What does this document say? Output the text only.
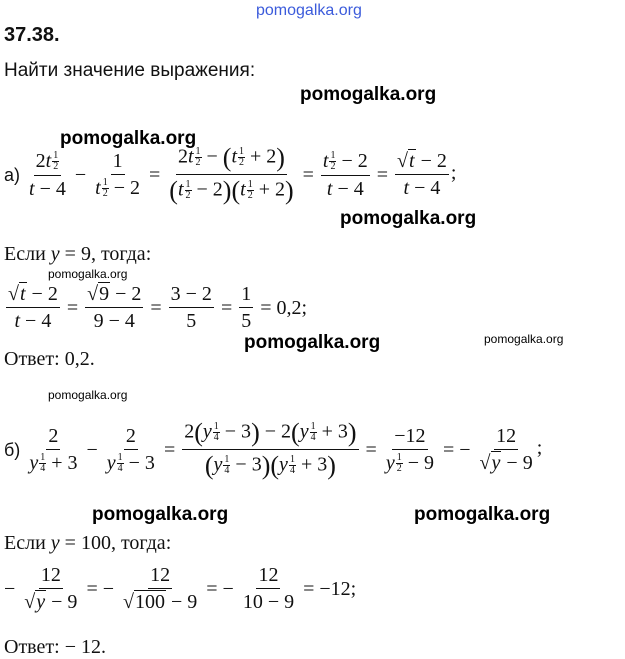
pomogalka.org
37.38.
Найти значение выражения:
pomogalka.org
pomogalka.org
$а) \frac{2t \frac{1}{2}}{t - 4} - \frac{1}{t \frac{1}{2} - 2} = \frac{2t \frac{1}{2} - (t \frac{1}{2} + 2)}{(t \frac{1}{2} - 2)(t \frac{1}{2} + 2)} = \frac{t \frac{1}{2} - 2}{t - 4} = \frac{√t - 2}{t - 4}$ ;
pomogalka.org
Если y = 9, тогда:
pomogalka.org
$\frac{√t - 2}{t - 4} = \frac{√9 - 2}{9 - 4} = \frac{3 - 2}{5} = \frac{1}{5} = 0,2$;
pomogalka.org	pomogalka.org
Ответ: 0,2.
pomogalka.org
$б) \frac{2}{y \frac{1}{4} + 3} - \frac{2}{y \frac{1}{4} - 3} = \frac{2(y \frac{1}{4} - 3) - 2(y \frac{1}{4} + 3)}{(y \frac{1}{4} - 3)(y \frac{1}{4} + 3)} = \frac{-12}{y \frac{1}{2} - 9}$ = − $\frac{12}{√y - 9}$ ;
pomogalka.org	pomogalka.org
Если y = 100, тогда:
− $\frac{12}{√y - 9}$ = − $\frac{12}{√100 - 9}$ = − $\frac{12}{10 - 9} = -12$;
Ответ: − 12.
